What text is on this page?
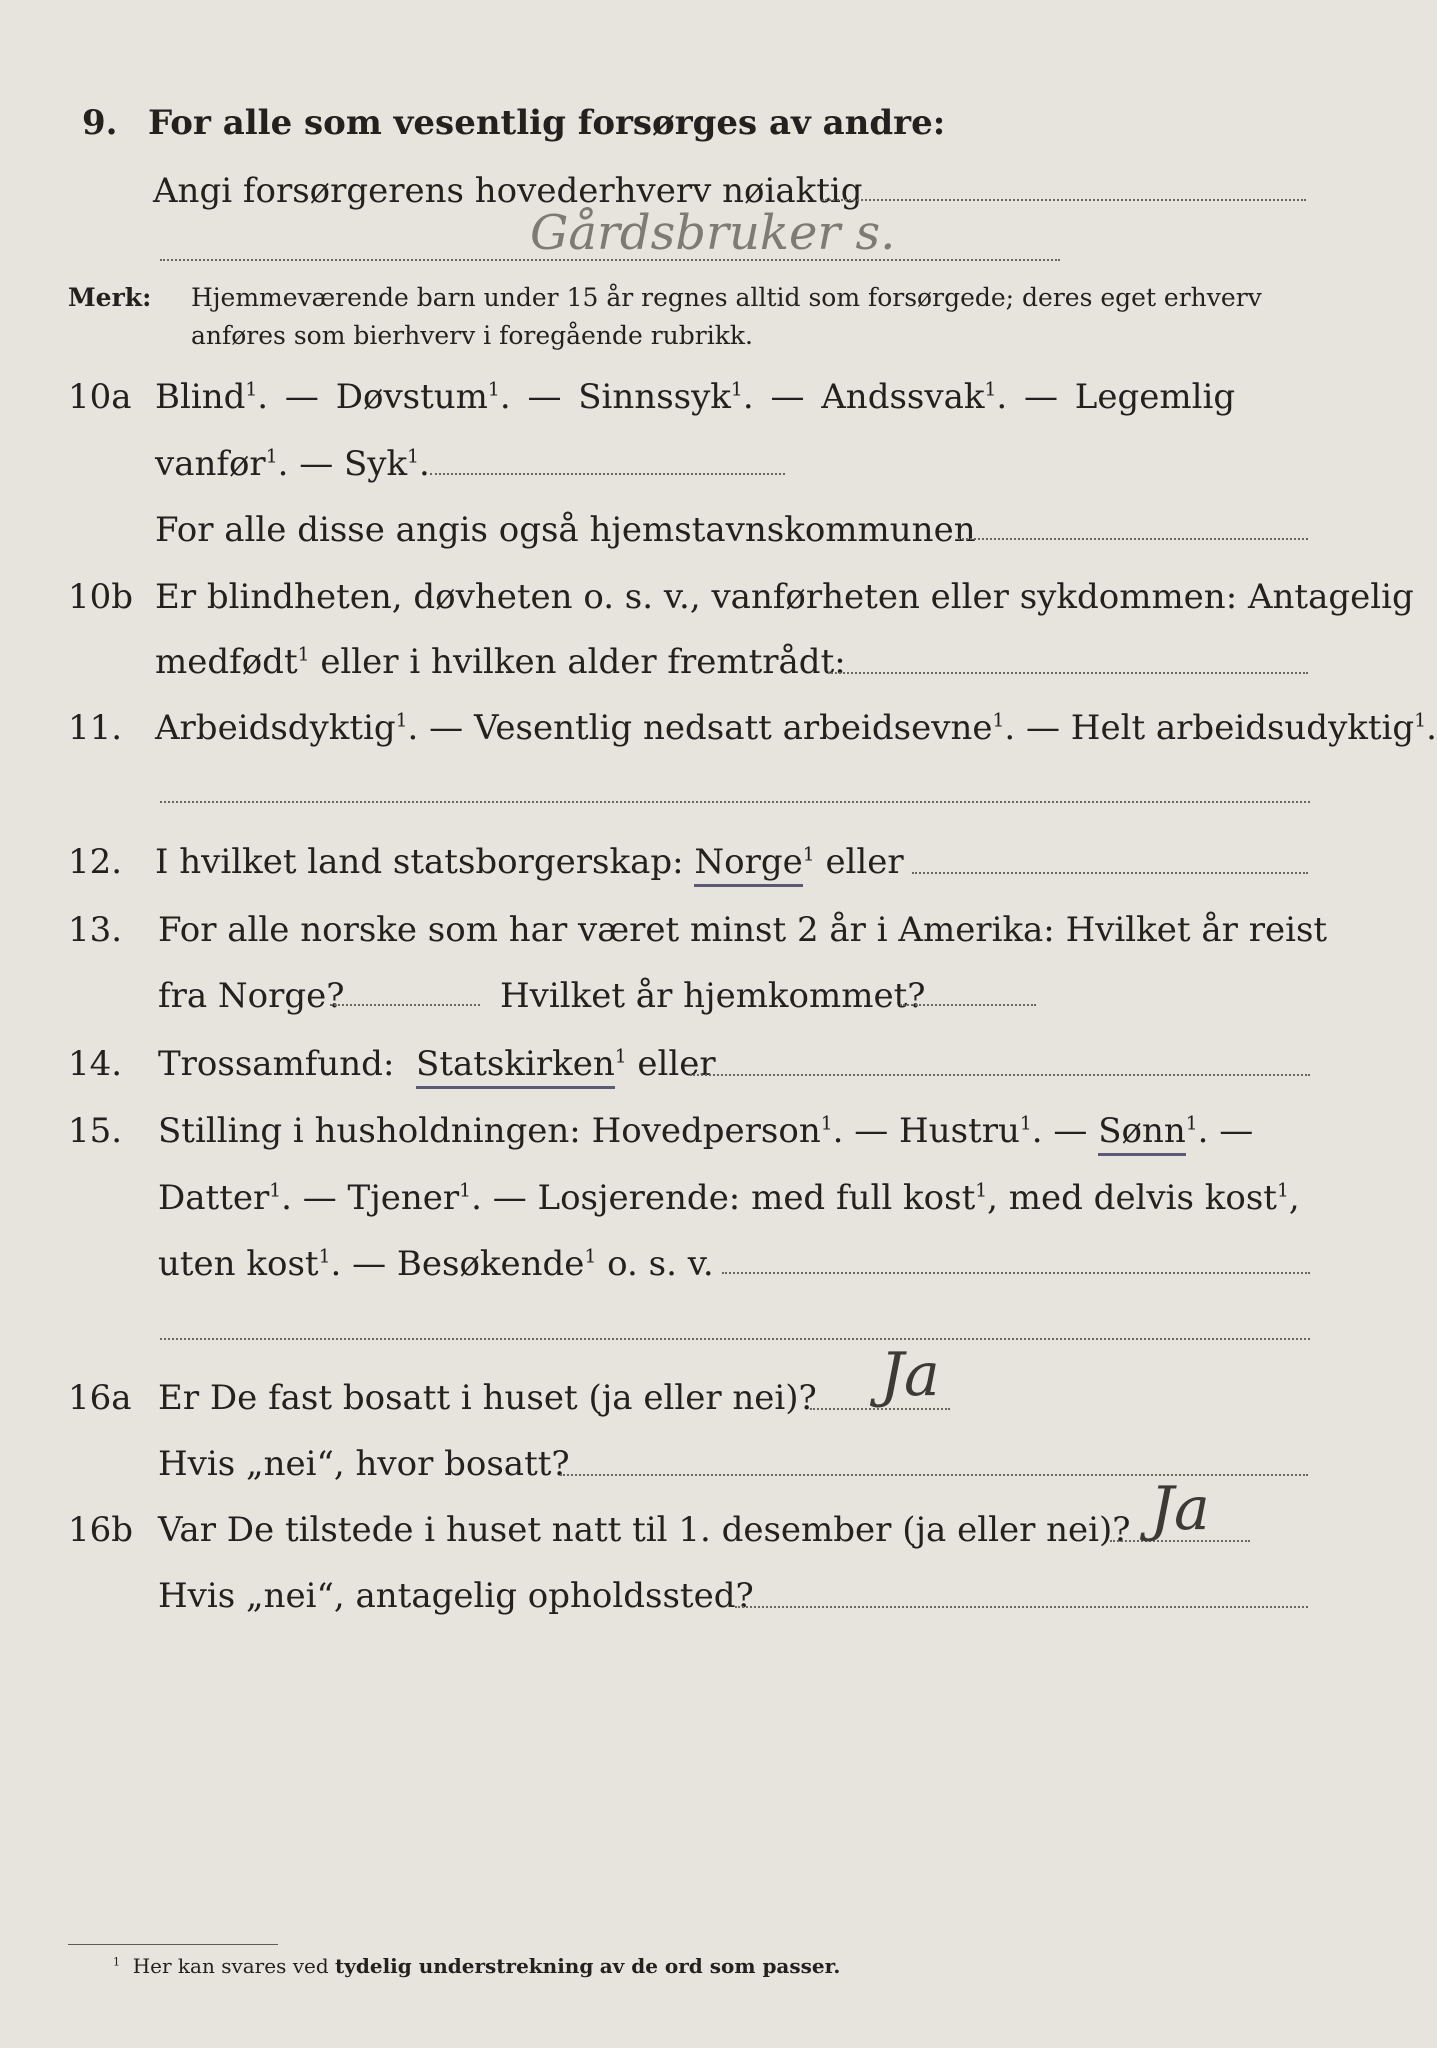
9. For alle som vesentlig forsørges av andre:
Angi forsørgerens hovederhverv nøiaktig
Gårdsbruker s.
Merk: Hjemmeværende barn under 15 år regnes alltid som forsørgede; deres eget erhverv
anføres som bierhverv i foregående rubrikk.
10a Blind$^1$. — Døvstum$^1$. — Sinnssyk$^1$. — Andssvak$^1$. — Legemlig
vanfør$^1$. — Syk$^1$.
For alle disse angis også hjemstavnskommunen
10b Er blindheten, døvheten o. s. v., vanførheten eller sykdommen: Antagelig
medfødt$^1$ eller i hvilken alder fremtrådt:
11. Arbeidsdyktig$^1$. — Vesentlig nedsatt arbeidsevne$^1$. — Helt arbeidsudyktig$^1$.
12. I hvilket land statsborgerskap: Norge$^1$ eller
13. For alle norske som har været minst 2 år i Amerika: Hvilket år reist
fra Norge?	Hvilket år hjemkommet?
14. Trossamfund: Statskirken$^1$ eller
15. Stilling i husholdningen: Hovedperson$^1$. — Hustru$^1$. — Sønn$^1$. —
Datter$^1$. — Tjener$^1$. — Losjerende: med full kost$^1$, med delvis kost$^1$,
uten kost$^1$. — Besøkende$^1$ o. s. v.
16a Er De fast bosatt i huset (ja eller nei)? Ja
Hvis „nei“, hvor bosatt?
16b Var De tilstede i huset natt til 1. desember (ja eller nei)? Ja
Hvis „nei“, antagelig opholdssted?
$^1$ Her kan svares ved tydelig understrekning av de ord som passer.
